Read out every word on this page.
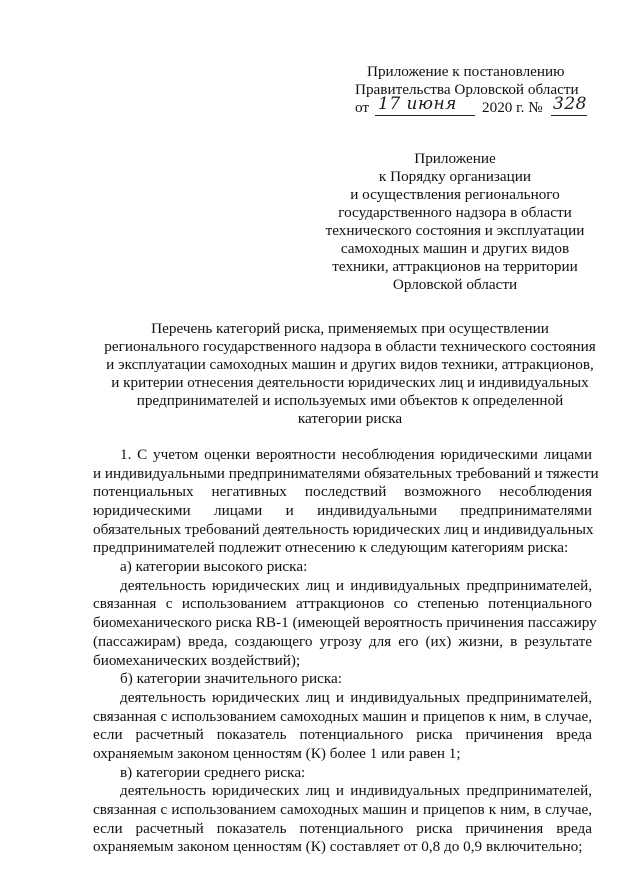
Приложение к постановлению
Правительства Орловской области
от 17 июня 2020 г. № 328
Приложение
к Порядку организации
и осуществления регионального
государственного надзора в области
технического состояния и эксплуатации
самоходных машин и других видов
техники, аттракционов на территории
Орловской области
Перечень категорий риска, применяемых при осуществлении
регионального государственного надзора в области технического состояния
и эксплуатации самоходных машин и других видов техники, аттракционов,
и критерии отнесения деятельности юридических лиц и индивидуальных
предпринимателей и используемых ими объектов к определенной
категории риска
1. С учетом оценки вероятности несоблюдения юридическими лицами
и индивидуальными предпринимателями обязательных требований и тяжести
потенциальных негативных последствий возможного несоблюдения
юридическими лицами и индивидуальными предпринимателями
обязательных требований деятельность юридических лиц и индивидуальных
предпринимателей подлежит отнесению к следующим категориям риска:
а) категории высокого риска:
деятельность юридических лиц и индивидуальных предпринимателей,
связанная с использованием аттракционов со степенью потенциального
биомеханического риска RB-1 (имеющей вероятность причинения пассажиру
(пассажирам) вреда, создающего угрозу для его (их) жизни, в результате
биомеханических воздействий);
б) категории значительного риска:
деятельность юридических лиц и индивидуальных предпринимателей,
связанная с использованием самоходных машин и прицепов к ним, в случае,
если расчетный показатель потенциального риска причинения вреда
охраняемым законом ценностям (К) более 1 или равен 1;
в) категории среднего риска:
деятельность юридических лиц и индивидуальных предпринимателей,
связанная с использованием самоходных машин и прицепов к ним, в случае,
если расчетный показатель потенциального риска причинения вреда
охраняемым законом ценностям (К) составляет от 0,8 до 0,9 включительно;
